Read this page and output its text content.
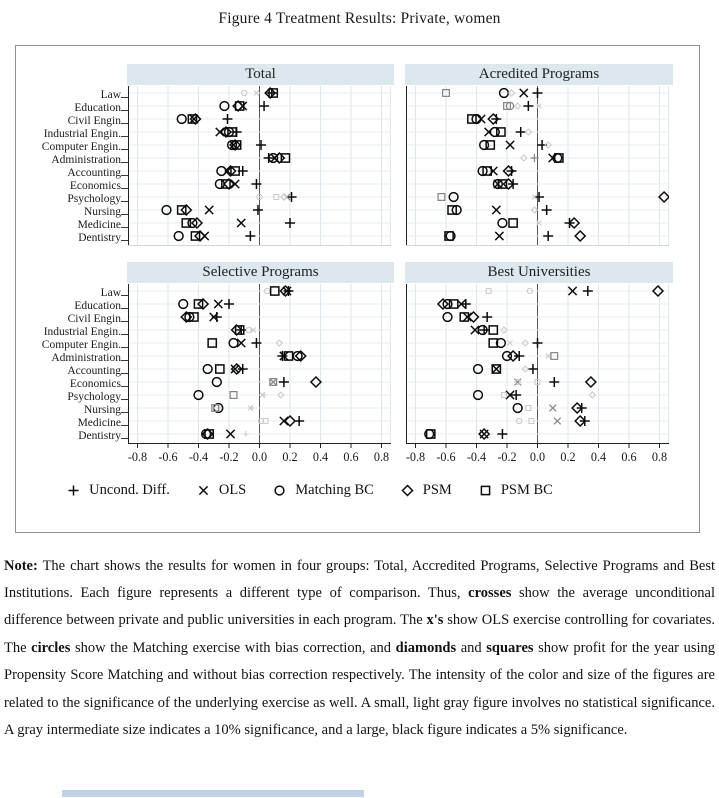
Figure 4 Treatment Results: Private, women
Total	Acredited Programs
Selective Programs	Best Universities
Law
Education
Civil Engin
Industrial Engin.
Computer Engin.
Administration
Accounting
Economics
Psychology
Nursing
Medicine
Dentistry
Law
Education
Civil Engin
Industrial Engin.
Computer Engin.
Administration
Accounting
Economics
Psychology
Nursing
Medicine
Dentistry
-0.8 -0.6 -0.4 -0.2 0.0 0.2 0.4 0.6 0.8 -0.8 -0.6 -0.4 -0.2 0.0 0.2 0.4 0.6 0.8
Uncond. Diff.	OLS	Matching BC	PSM	PSM BC

Note: The chart shows the results for women in four groups: Total, Accredited Programs, Selective Programs and Best Institutions. Each figure represents a different type of comparison. Thus, crosses show the average unconditional difference between private and public universities in each program. The x's show OLS exercise controlling for covariates. The circles show the Matching exercise with bias correction, and diamonds and squares show profit for the year using Propensity Score Matching and without bias correction respectively. The intensity of the color and size of the figures are related to the significance of the underlying exercise as well. A small, light gray figure involves no statistical significance. A gray intermediate size indicates a 10% significance, and a large, black figure indicates a 5% significance.
